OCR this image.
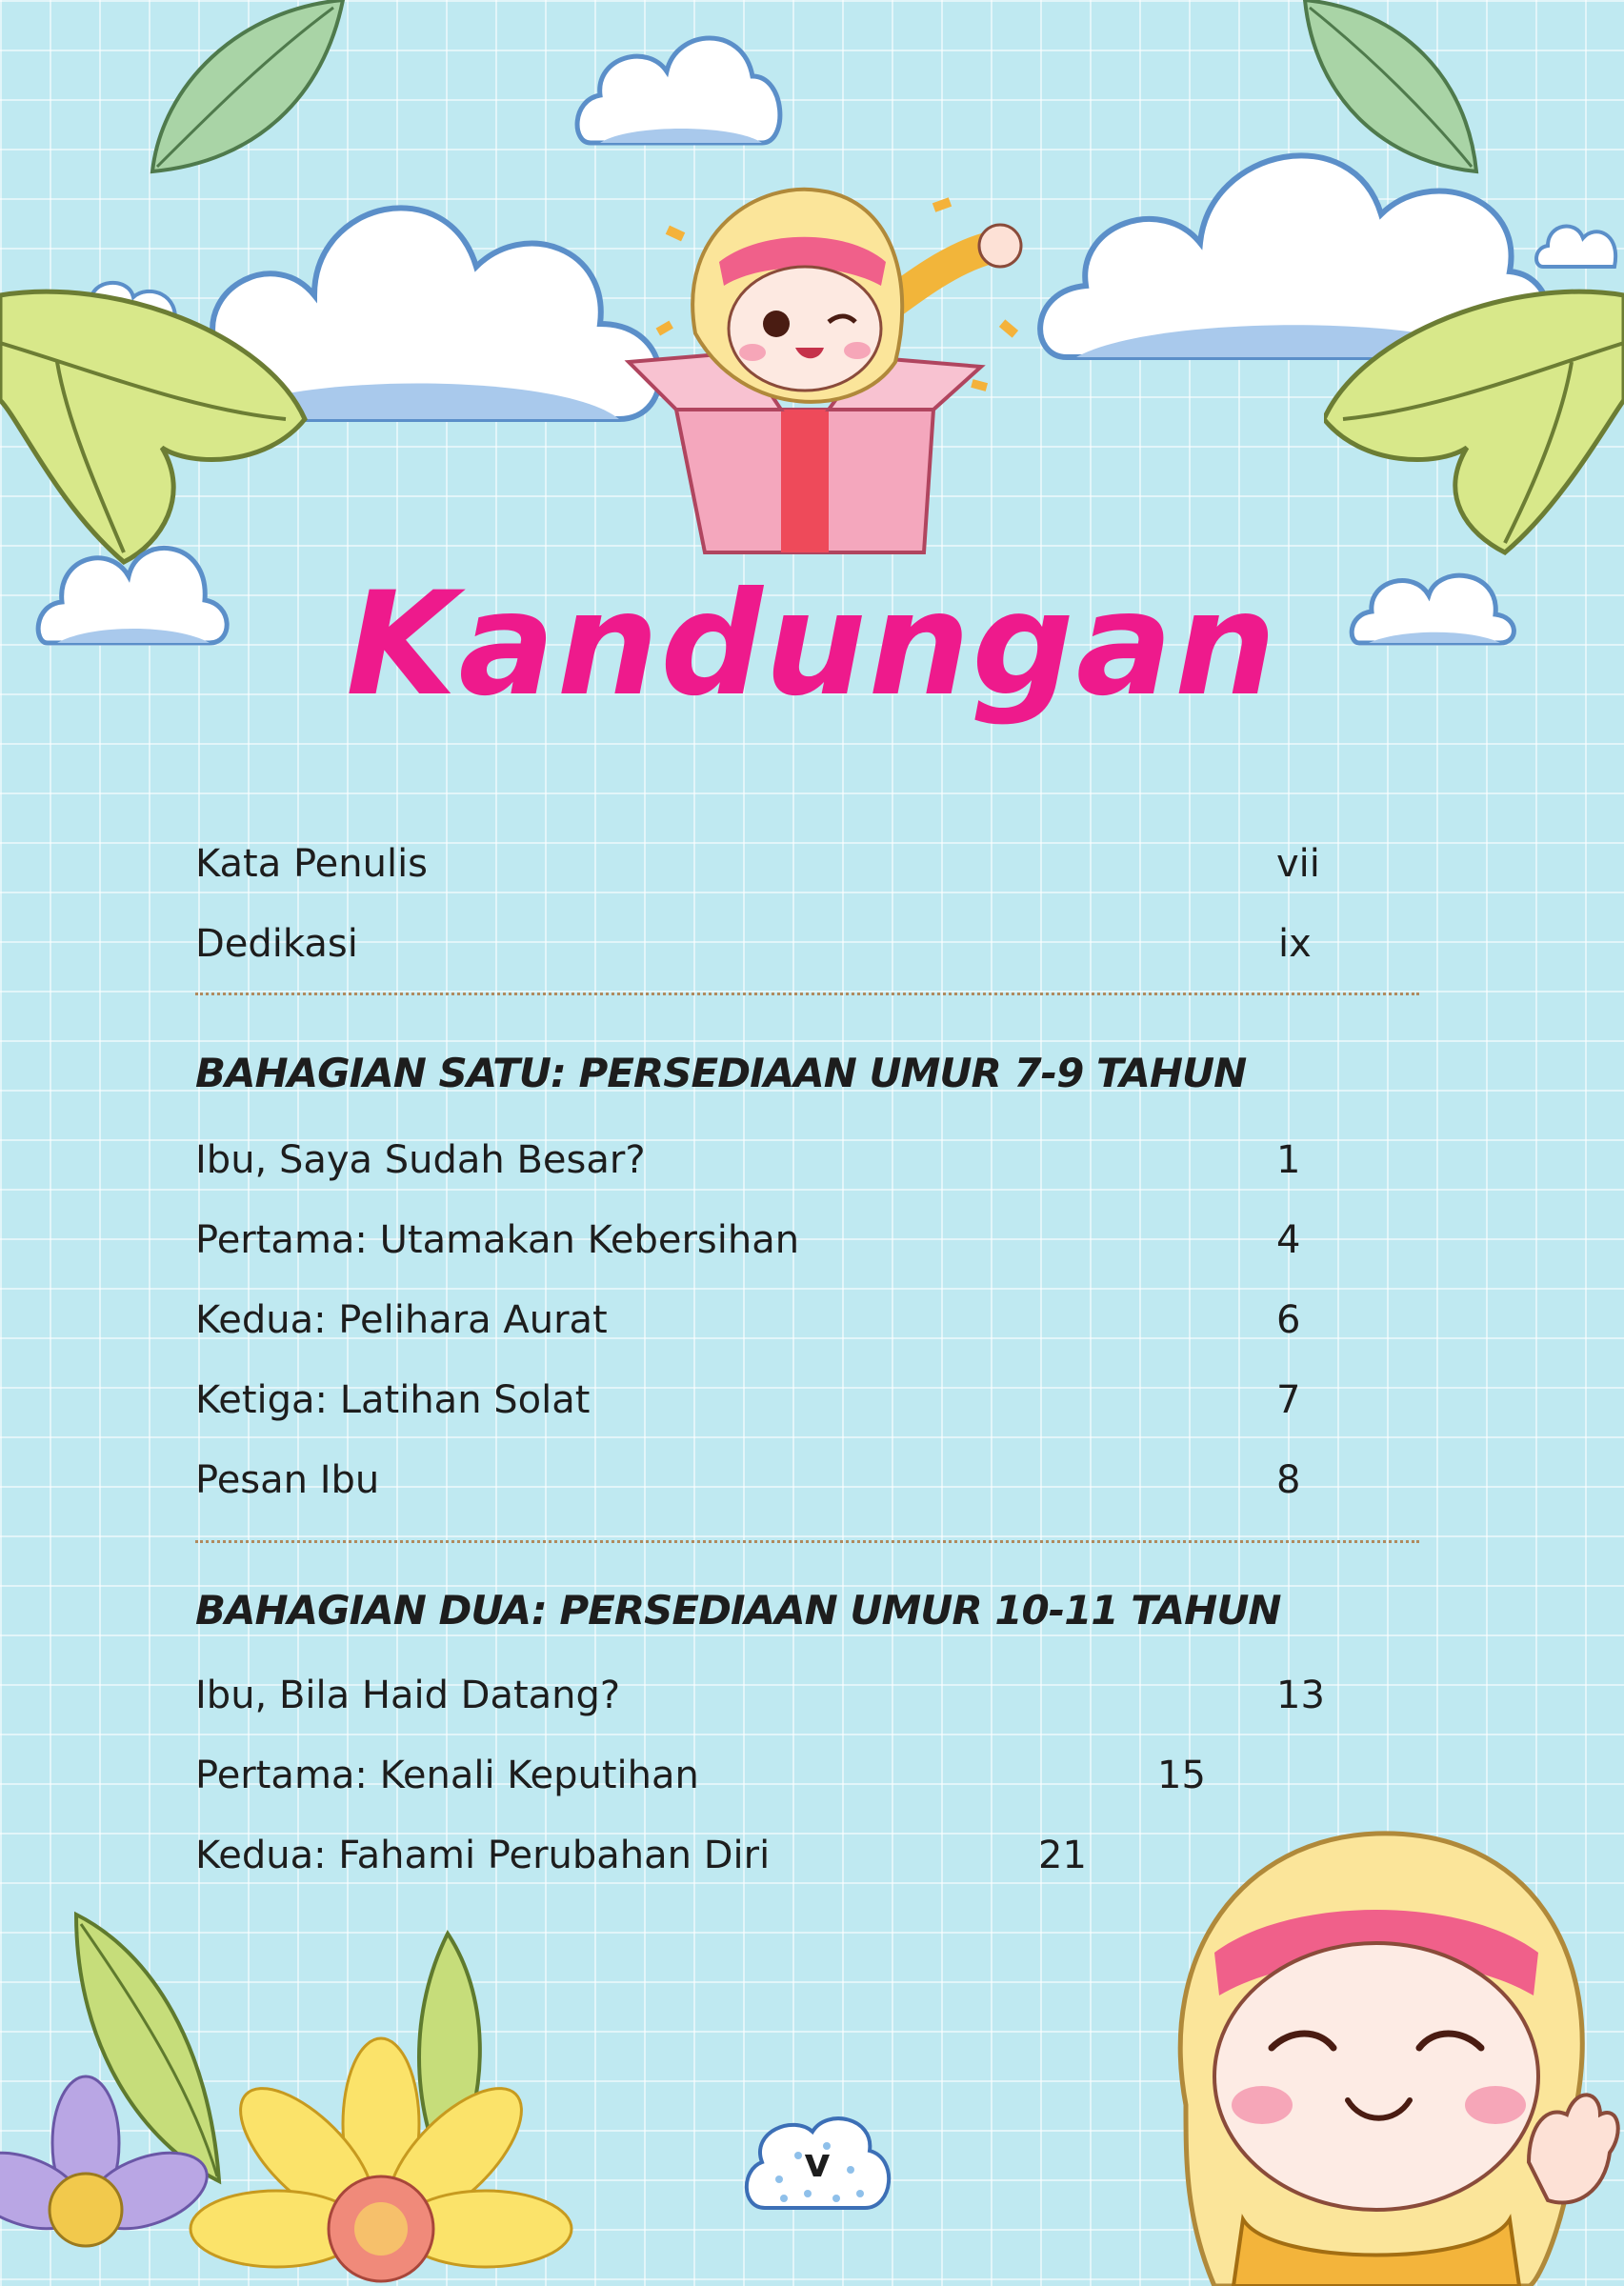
Kandungan
Kata Penulis	vii
Dedikasi	ix
BAHAGIAN SATU: PERSEDIAAN UMUR 7-9 TAHUN
Ibu, Saya Sudah Besar?	1
Pertama: Utamakan Kebersihan	4
Kedua: Pelihara Aurat	6
Ketiga: Latihan Solat	7
Pesan Ibu	8
BAHAGIAN DUA: PERSEDIAAN UMUR 10-11 TAHUN
Ibu, Bila Haid Datang?	13
Pertama: Kenali Keputihan	15
Kedua: Fahami Perubahan Diri	21
v
